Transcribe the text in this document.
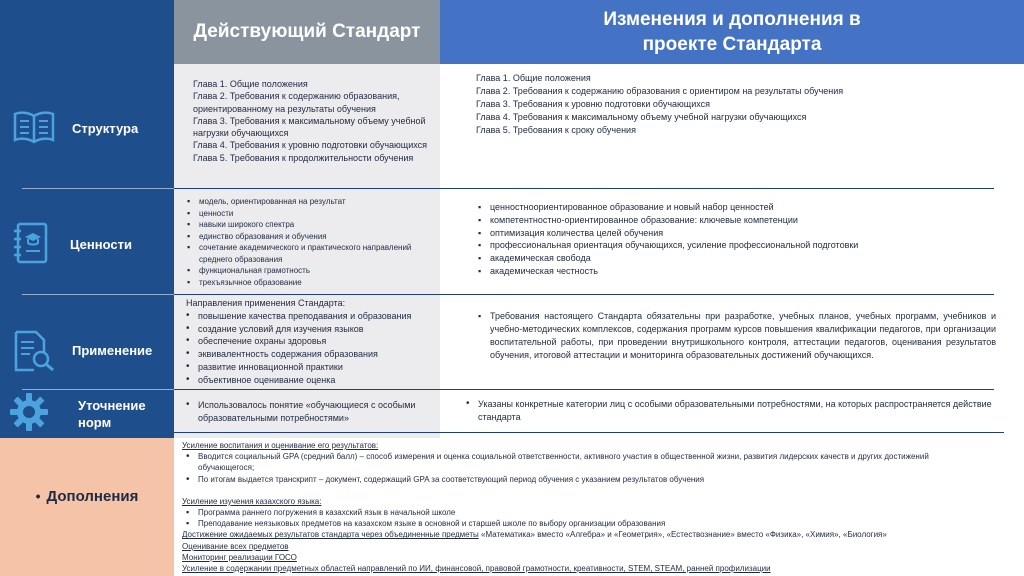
• Дополнения
Действующий Стандарт
Изменения и дополнения в проекте Стандарта
Структура
Глава 1. Общие положения
Глава 2. Требования к содержанию образования, ориентированному на результаты обучения
Глава 3. Требования к максимальному объему учебной нагрузки обучающихся
Глава 4. Требования к уровню подготовки обучающихся
Глава 5. Требования к продолжительности обучения
Глава 1. Общие положения
Глава 2. Требования к содержанию образования с ориентиром на результаты обучения
Глава 3. Требования к уровню подготовки обучающихся
Глава 4. Требования к максимальному объему учебной нагрузки обучающихся
Глава 5. Требования к сроку обучения
Ценности
▪ модель, ориентированная на результат
▪ ценности
▪ навыки широкого спектра
▪ единство образования и обучения
▪ сочетание академического и практического направлений среднего образования
▪ функциональная грамотность
▪ трехъязычное образование
▪ ценностноориентированное образование и новый набор ценностей
▪ компетентностно-ориентированное образование: ключевые компетенции
▪ оптимизация количества целей обучения
▪ профессиональная ориентация обучающихся, усиление профессиональной подготовки
▪ академическая свобода
▪ академическая честность
Применение
Направления применения Стандарта:
• повышение качества преподавания и образования
• создание условий для изучения языков
• обеспечение охраны здоровья
• эквивалентность содержания образования
• развитие инновационной практики
• объективное оценивание оценка
▪ Требования настоящего Стандарта обязательны при разработке, учебных планов, учебных программ, учебников и учебно-методических комплексов, содержания программ курсов повышения квалификации педагогов, при организации воспитательной работы, при проведении внутришкольного контроля, аттестации педагогов, оценивания результатов обучения, итоговой аттестации и мониторинга образовательных достижений обучающихся.
Уточнение норм
• Использовалось понятие «обучающиеся с особыми образовательными потребностями»
• Указаны конкретные категории лиц с особыми образовательными потребностями, на которых распространяется действие стандарта
Усиление воспитания и оценивание его результатов:
• Вводится социальный GPA (средний балл) – способ измерения и оценка социальной ответственности, активного участия в общественной жизни, развития лидерских качеств и других достижений обучающегося;
• По итогам выдается транскрипт – документ, содержащий GPA за соответствующий период обучения с указанием результатов обучения
Усиление изучения казахского языка:
▪ Программа раннего погружения в казахский язык в начальной школе
▪ Преподавание неязыковых предметов на казахском языке в основной и старшей школе по выбору организации образования
Достижение ожидаемых результатов стандарта через объединенные предметы «Математика» вместо «Алгебра» и «Геометрия», «Естествознание» вместо «Физика», «Химия», «Биология»
Оценивание всех предметов
Мониторинг реализации ГОСО
Усиление в содержании предметных областей направлений по ИИ, финансовой, правовой грамотности, креативности, STEM, STEAM, ранней профилизации
